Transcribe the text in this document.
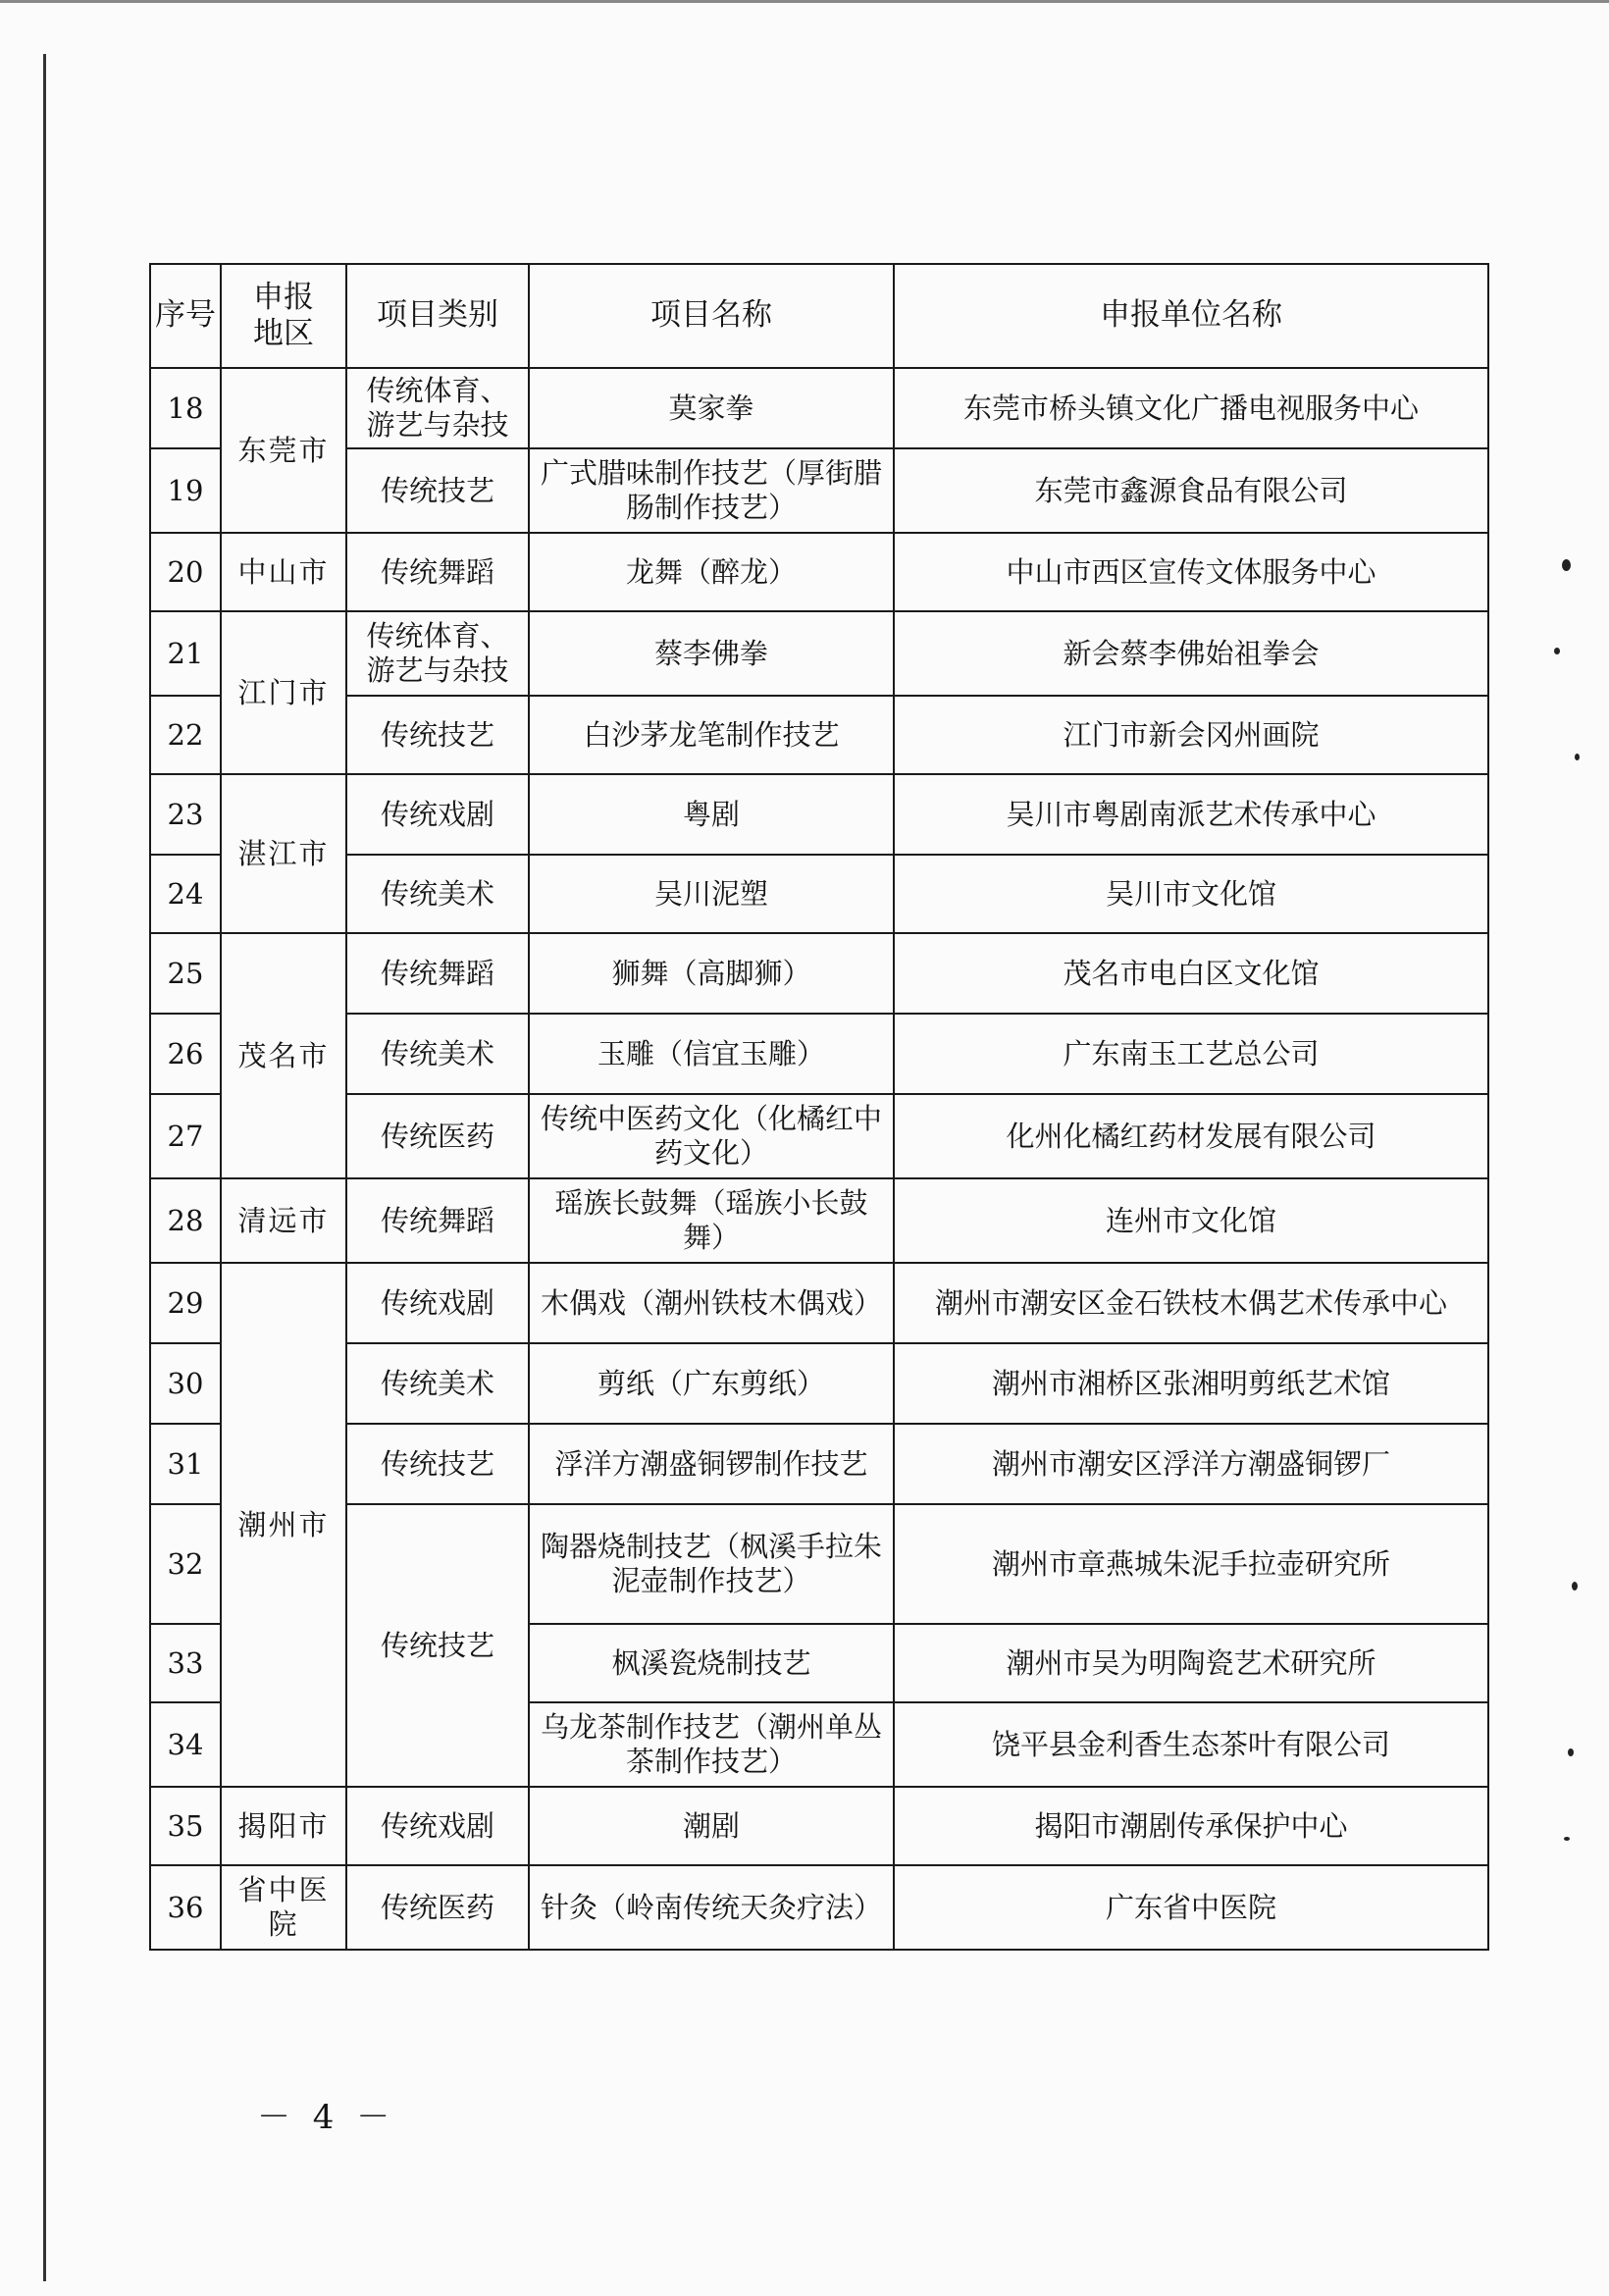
序号	申报地区	项目类别	项目名称	申报单位名称
18	东莞市	传统体育、游艺与杂技	莫家拳	东莞市桥头镇文化广播电视服务中心
19		传统技艺	广式腊味制作技艺（厚街腊肠制作技艺）	东莞市鑫源食品有限公司
20	中山市	传统舞蹈	龙舞（醉龙）	中山市西区宣传文体服务中心
21	江门市	传统体育、游艺与杂技	蔡李佛拳	新会蔡李佛始祖拳会
22		传统技艺	白沙茅龙笔制作技艺	江门市新会冈州画院
23	湛江市	传统戏剧	粤剧	吴川市粤剧南派艺术传承中心
24		传统美术	吴川泥塑	吴川市文化馆
25	茂名市	传统舞蹈	狮舞（高脚狮）	茂名市电白区文化馆
26		传统美术	玉雕（信宜玉雕）	广东南玉工艺总公司
27		传统医药	传统中医药文化（化橘红中药文化）	化州化橘红药材发展有限公司
28	清远市	传统舞蹈	瑶族长鼓舞（瑶族小长鼓舞）	连州市文化馆
29	潮州市	传统戏剧	木偶戏（潮州铁枝木偶戏）	潮州市潮安区金石铁枝木偶艺术传承中心
30		传统美术	剪纸（广东剪纸）	潮州市湘桥区张湘明剪纸艺术馆
31		传统技艺	浮洋方潮盛铜锣制作技艺	潮州市潮安区浮洋方潮盛铜锣厂
32		传统技艺	陶器烧制技艺（枫溪手拉朱泥壶制作技艺）	潮州市章燕城朱泥手拉壶研究所
33			枫溪瓷烧制技艺	潮州市吴为明陶瓷艺术研究所
34			乌龙茶制作技艺（潮州单丛茶制作技艺）	饶平县金利香生态茶叶有限公司
35	揭阳市	传统戏剧	潮剧	揭阳市潮剧传承保护中心
36	省中医院	传统医药	针灸（岭南传统天灸疗法）	广东省中医院
－ 4 －
